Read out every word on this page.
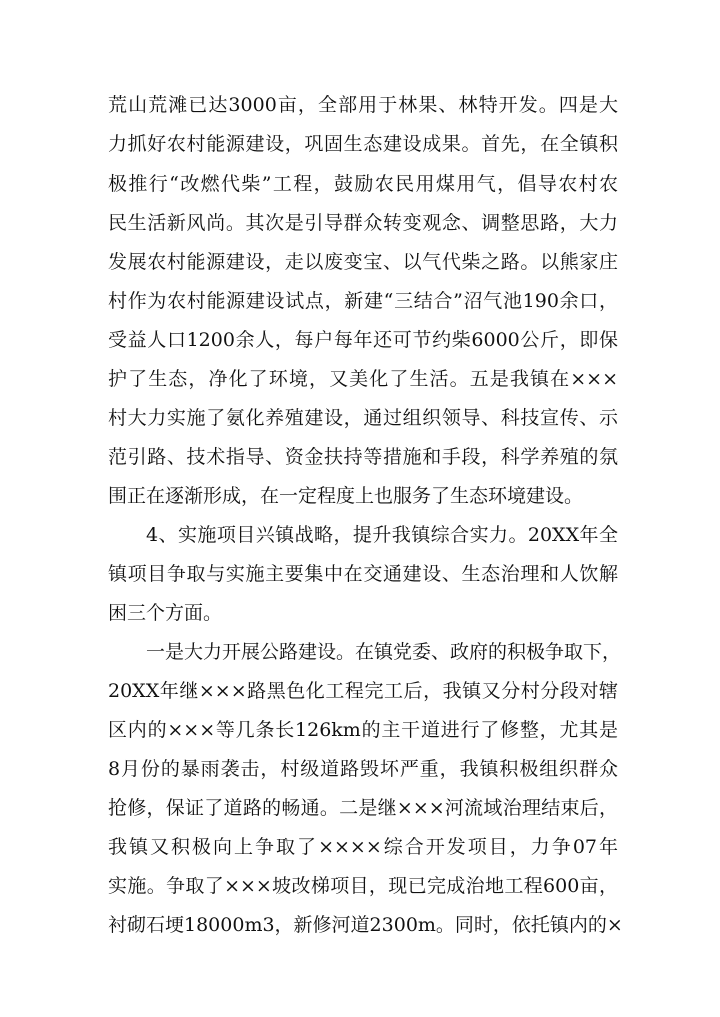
荒山荒滩已达3000亩，全部用于林果、林特开发。四是大
力抓好农村能源建设，巩固生态建设成果。首先，在全镇积
极推行“改燃代柴”工程，鼓励农民用煤用气，倡导农村农
民生活新风尚。其次是引导群众转变观念、调整思路，大力
发展农村能源建设，走以废变宝、以气代柴之路。以熊家庄
村作为农村能源建设试点，新建“三结合”沼气池190余口，
受益人口1200余人，每户每年还可节约柴6000公斤，即保
护了生态，净化了环境，又美化了生活。五是我镇在×××
村大力实施了氨化养殖建设，通过组织领导、科技宣传、示
范引路、技术指导、资金扶持等措施和手段，科学养殖的氛
围正在逐渐形成，在一定程度上也服务了生态环境建设。
4、实施项目兴镇战略，提升我镇综合实力。20XX年全
镇项目争取与实施主要集中在交通建设、生态治理和人饮解
困三个方面。
一是大力开展公路建设。在镇党委、政府的积极争取下，
20XX年继×××路黑色化工程完工后，我镇又分村分段对辖
区内的×××等几条长126km的主干道进行了修整，尤其是
8月份的暴雨袭击，村级道路毁坏严重，我镇积极组织群众
抢修，保证了道路的畅通。二是继×××河流域治理结束后，
我镇又积极向上争取了××××综合开发项目，力争07年
实施。争取了×××坡改梯项目，现已完成治地工程600亩，
衬砌石埂18000m3，新修河道2300m。同时，依托镇内的×
